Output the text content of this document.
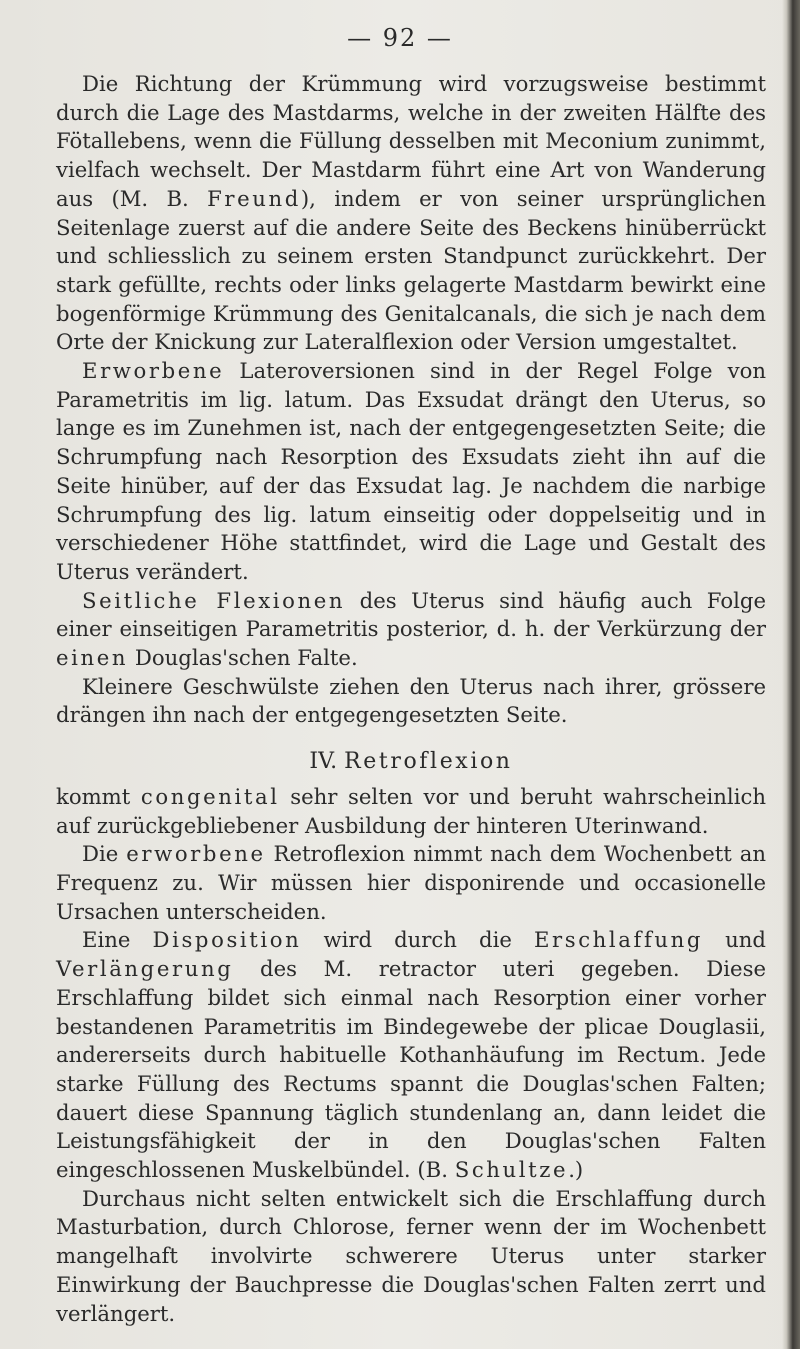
— 92 —

Die Richtung der Krümmung wird vorzugsweise bestimmt durch die Lage des Mastdarms, welche in der zweiten Hälfte des Fötallebens, wenn die Füllung desselben mit Meconium zunimmt, vielfach wechselt. Der Mastdarm führt eine Art von Wanderung aus (M. B. Freund), indem er von seiner ursprünglichen Seitenlage zuerst auf die andere Seite des Beckens hinüberrückt und schliesslich zu seinem ersten Standpunct zurückkehrt. Der stark gefüllte, rechts oder links gelagerte Mastdarm bewirkt eine bogenförmige Krümmung des Genitalcanals, die sich je nach dem Orte der Knickung zur Lateralflexion oder Version umgestaltet.

Erworbene Lateroversionen sind in der Regel Folge von Parametritis im lig. latum. Das Exsudat drängt den Uterus, so lange es im Zunehmen ist, nach der entgegengesetzten Seite; die Schrumpfung nach Resorption des Exsudats zieht ihn auf die Seite hinüber, auf der das Exsudat lag. Je nachdem die narbige Schrumpfung des lig. latum einseitig oder doppelseitig und in verschiedener Höhe stattfindet, wird die Lage und Gestalt des Uterus verändert.

Seitliche Flexionen des Uterus sind häufig auch Folge einer einseitigen Parametritis posterior, d. h. der Verkürzung der einen Douglas'schen Falte.

Kleinere Geschwülste ziehen den Uterus nach ihrer, grössere drängen ihn nach der entgegengesetzten Seite.

IV. Retroflexion

kommt congenital sehr selten vor und beruht wahrscheinlich auf zurückgebliebener Ausbildung der hinteren Uterinwand.

Die erworbene Retroflexion nimmt nach dem Wochenbett an Frequenz zu. Wir müssen hier disponirende und occasionelle Ursachen unterscheiden.

Eine Disposition wird durch die Erschlaffung und Verlängerung des M. retractor uteri gegeben. Diese Erschlaffung bildet sich einmal nach Resorption einer vorher bestandenen Parametritis im Bindegewebe der plicae Douglasii, andererseits durch habituelle Kothanhäufung im Rectum. Jede starke Füllung des Rectums spannt die Douglas'schen Falten; dauert diese Spannung täglich stundenlang an, dann leidet die Leistungsfähigkeit der in den Douglas'schen Falten eingeschlossenen Muskelbündel. (B. Schultze.)

Durchaus nicht selten entwickelt sich die Erschlaffung durch Masturbation, durch Chlorose, ferner wenn der im Wochenbett mangelhaft involvirte schwerere Uterus unter starker Einwirkung der Bauchpresse die Douglas'schen Falten zerrt und verlängert.
